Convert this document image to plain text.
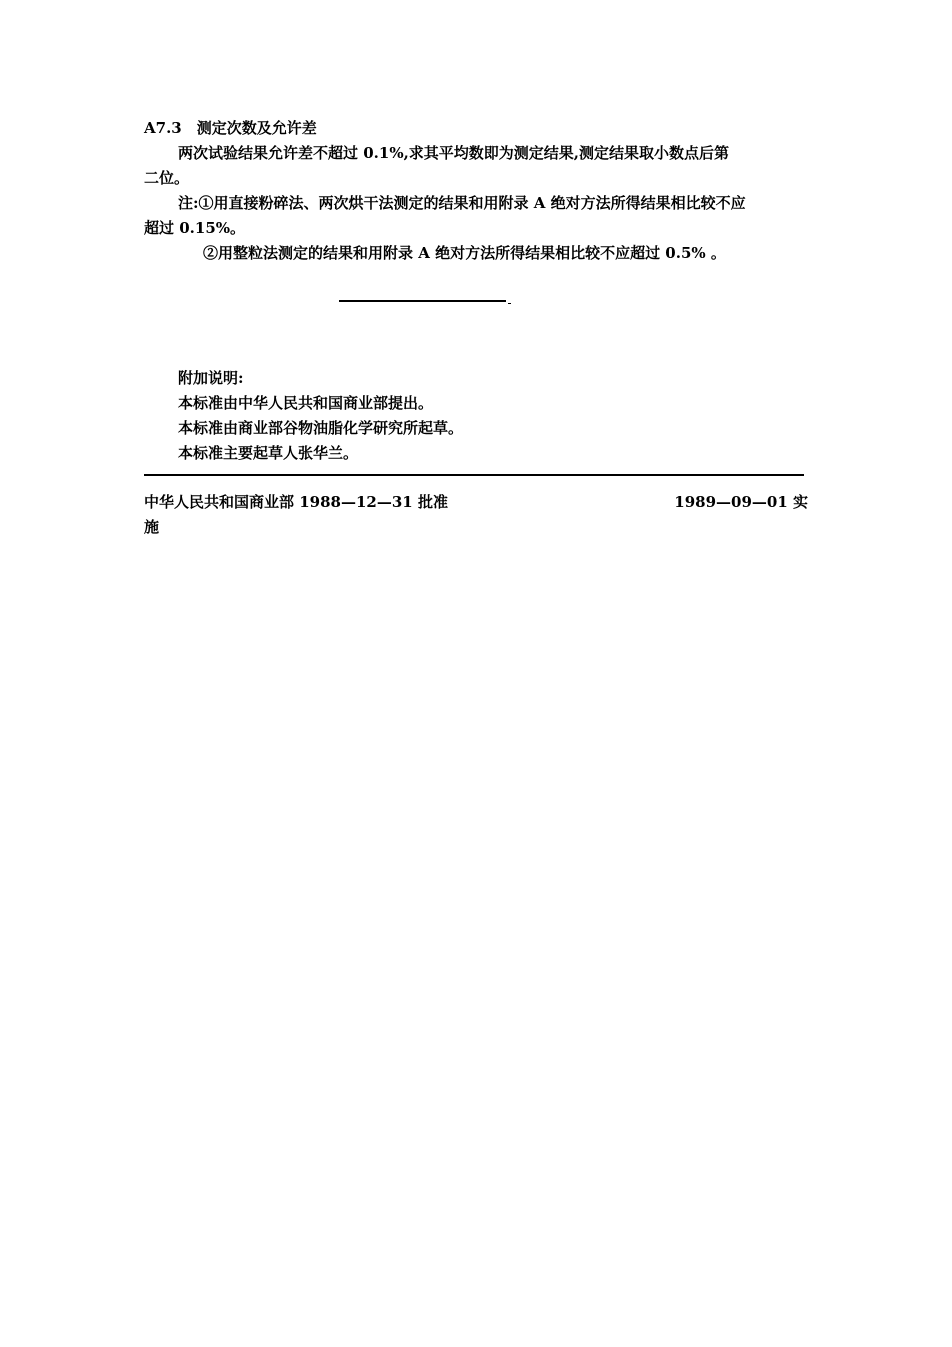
A7.3　测定次数及允许差
两次试验结果允许差不超过 0.1%,求其平均数即为测定结果,测定结果取小数点后第
二位。
注:①用直接粉碎法、两次烘干法测定的结果和用附录 A 绝对方法所得结果相比较不应
超过 0.15%。
②用整粒法测定的结果和用附录 A 绝对方法所得结果相比较不应超过 0.5% 。
附加说明:
本标准由中华人民共和国商业部提出。
本标准由商业部谷物油脂化学研究所起草。
本标准主要起草人张华兰。
中华人民共和国商业部 1988—12—31 批准	1989—09—01 实
施
